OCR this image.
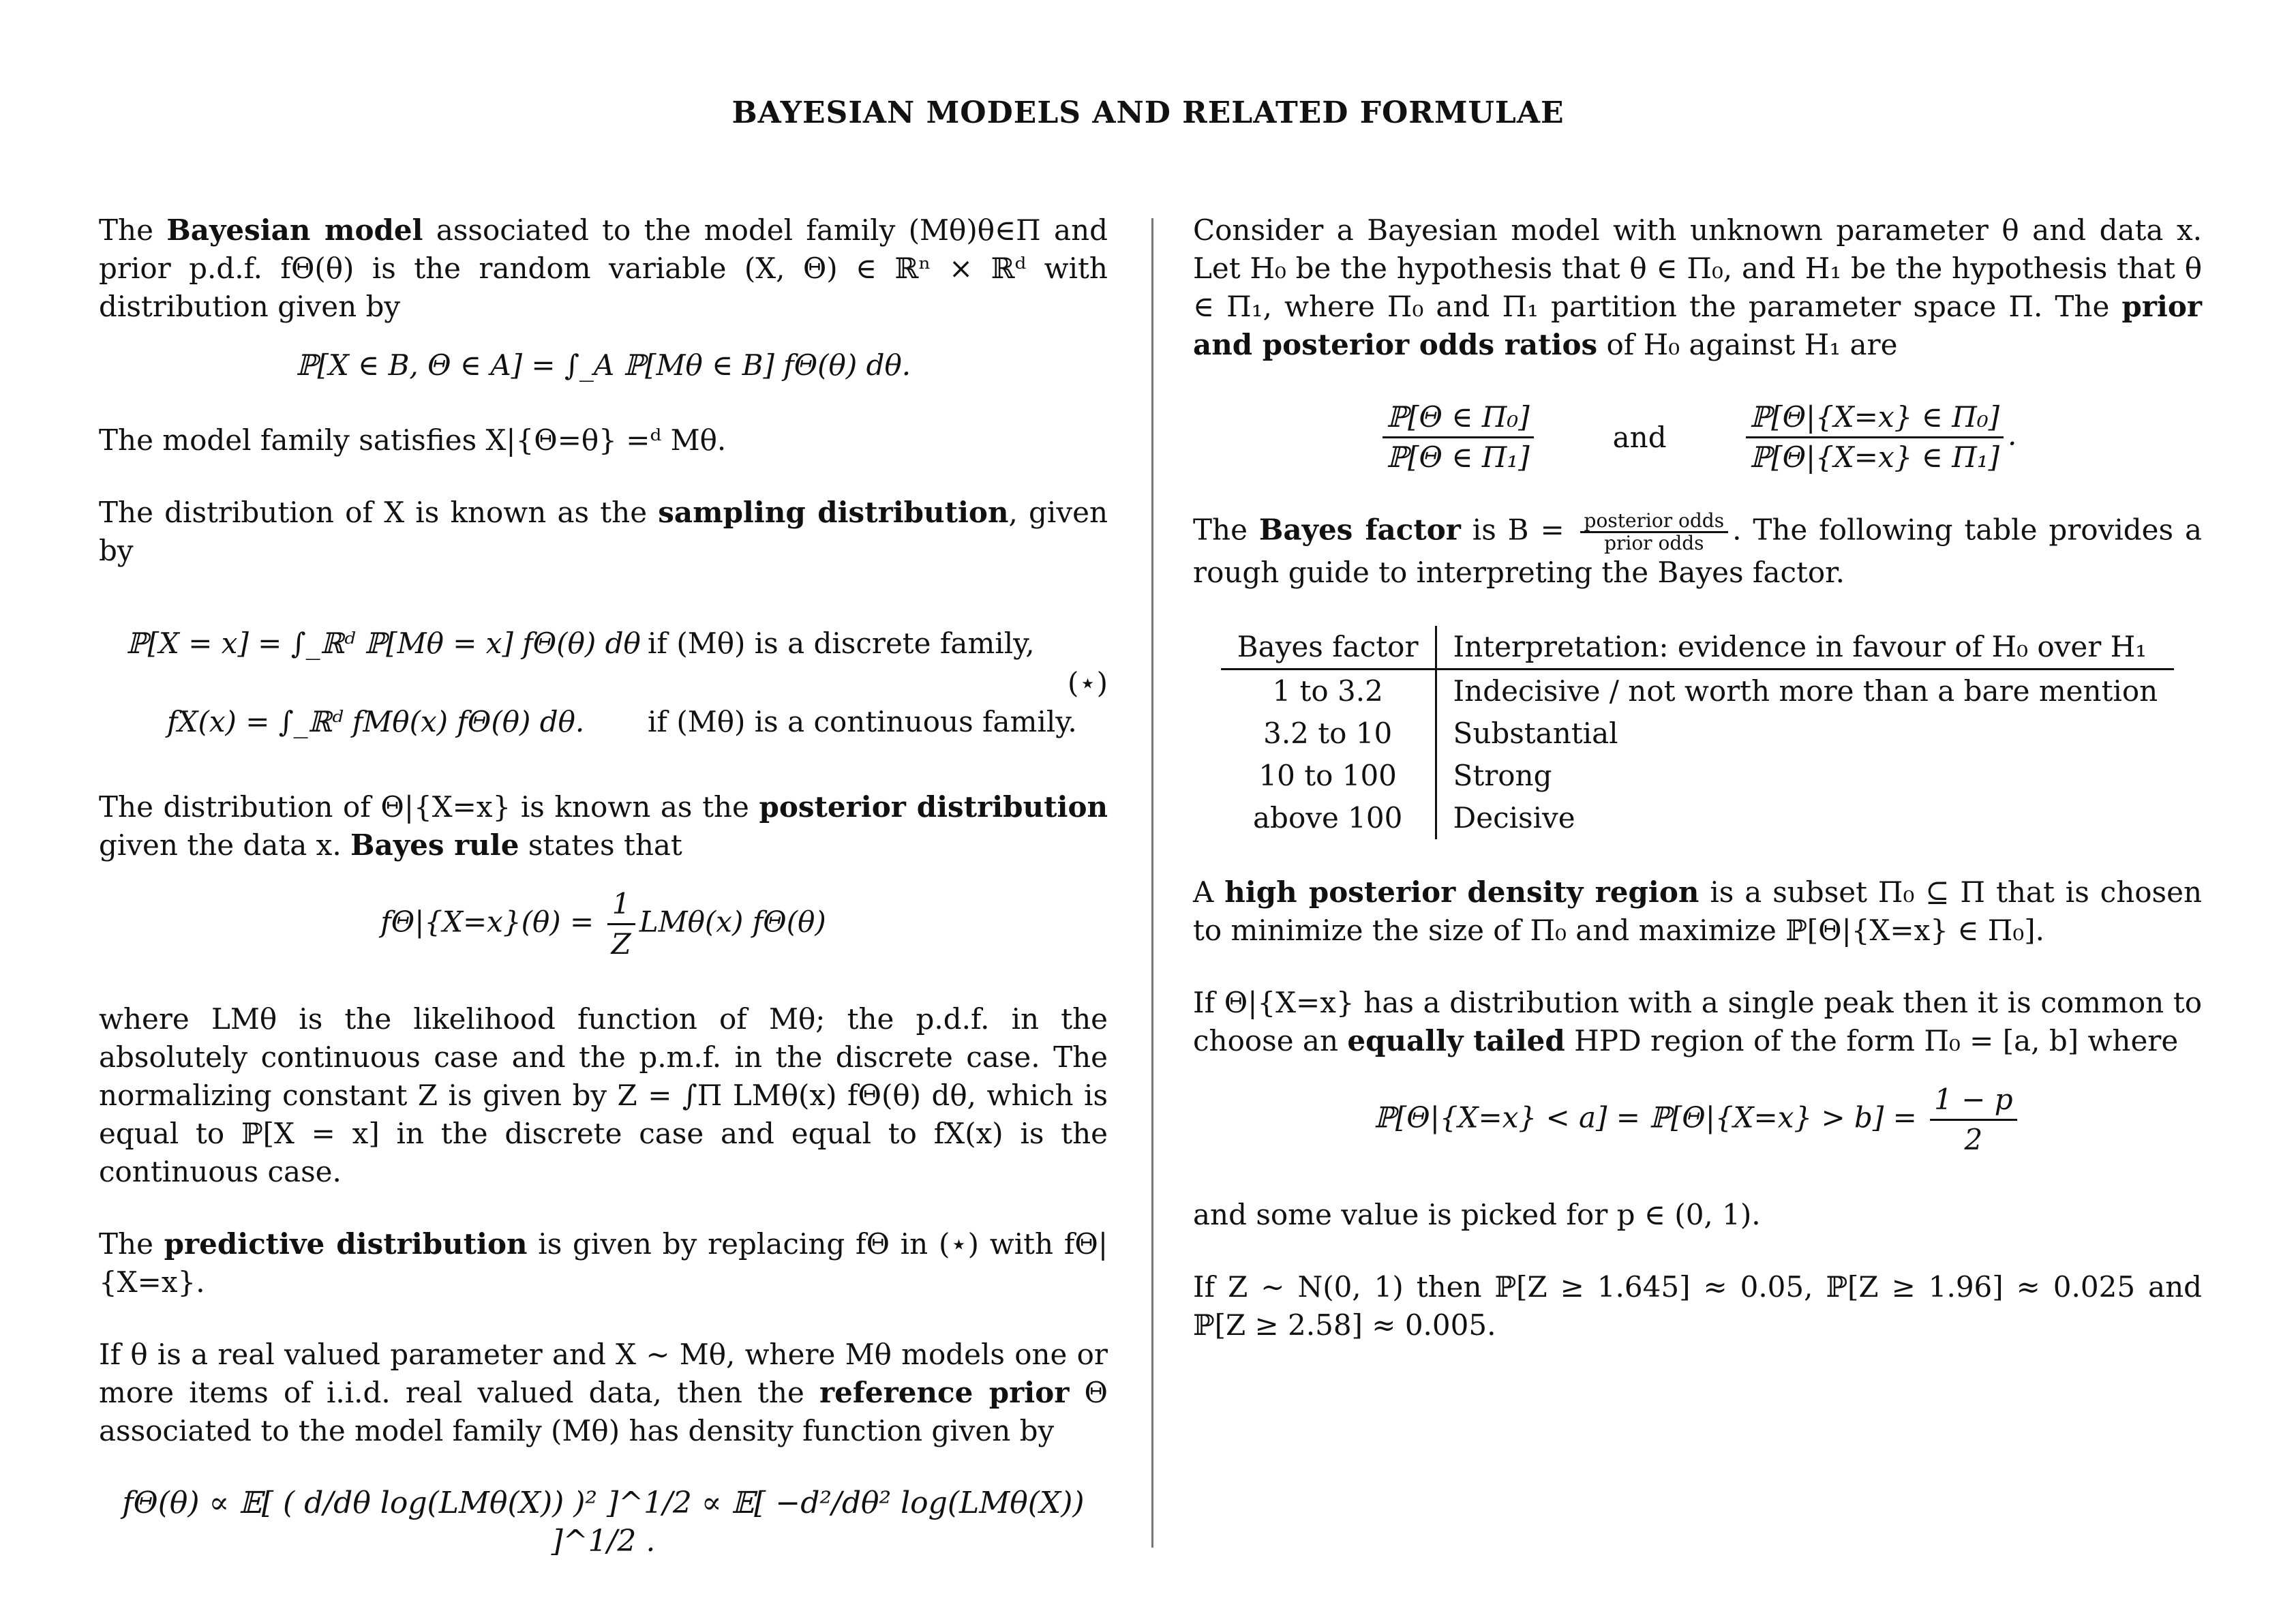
BAYESIAN MODELS AND RELATED FORMULAE

The Bayesian model associated to the model family (Mθ)θ∈Π and prior p.d.f. fΘ(θ) is the random variable (X, Θ) ∈ ℝⁿ × ℝᵈ with distribution given by

ℙ[X ∈ B, Θ ∈ A] = ∫_A ℙ[Mθ ∈ B] fΘ(θ) dθ.

The model family satisfies X|{Θ=θ} =ᵈ Mθ.

The distribution of X is known as the sampling distribution, given by

ℙ[X = x] = ∫_ℝᵈ ℙ[Mθ = x] fΘ(θ) dθ if (Mθ) is a discrete family,
fX(x) = ∫_ℝᵈ fMθ(x) fΘ(θ) dθ. if (Mθ) is a continuous family.
(⋆)

The distribution of Θ|{X=x} is known as the posterior distribution given the data x. Bayes rule states that

$f\Theta|\{X=x\}(\theta) = \frac{1}{Z} LM\theta(x)$ fΘ(θ)

where LMθ is the likelihood function of Mθ; the p.d.f. in the absolutely continuous case and the p.m.f. in the discrete case. The normalizing constant Z is given by Z = ∫Π LMθ(x) fΘ(θ) dθ, which is equal to ℙ[X = x] in the discrete case and equal to fX(x) is the continuous case.

The predictive distribution is given by replacing fΘ in (⋆) with fΘ|{X=x}.

If θ is a real valued parameter and X ∼ Mθ, where Mθ models one or more items of i.i.d. real valued data, then the reference prior Θ associated to the model family (Mθ) has density function given by

fΘ(θ) ∝ 𝔼[ ( d/dθ log(LMθ(X)) )² ]^1/2 ∝ 𝔼[ −d²/dθ² log(LMθ(X)) ]^1/2 .

Consider a Bayesian model with unknown parameter θ and data x. Let H₀ be the hypothesis that θ ∈ Π₀, and H₁ be the hypothesis that θ ∈ Π₁, where Π₀ and Π₁ partition the parameter space Π. The prior and posterior odds ratios of H₀ against H₁ are

$\frac{\text{ℙ[Θ ∈ Π₀]}}{\text{ℙ[Θ ∈ Π₁]}}$	and	$\frac{\text{ℙ[Θ|\{X=x\} ∈ Π₀]}}{\text{ℙ[Θ|\{X=x\} ∈ Π₁]}}$ .

The Bayes factor is $B = \frac{\text{posterior odds}}{\text{prior odds}}$ . The following table provides a rough guide to interpreting the Bayes factor.

Bayes factor	Interpretation: evidence in favour of H₀ over H₁
1 to 3.2	Indecisive / not worth more than a bare mention
3.2 to 10	Substantial
10 to 100	Strong
above 100	Decisive

A high posterior density region is a subset Π₀ ⊆ Π that is chosen to minimize the size of Π₀ and maximize ℙ[Θ|{X=x} ∈ Π₀].

If Θ|{X=x} has a distribution with a single peak then it is common to choose an equally tailed HPD region of the form Π₀ = [a, b] where

ℙ[Θ|{X=x} < a] = ℙ[Θ|{X=x} > $b] = \frac{1 - p}{2}$

and some value is picked for p ∈ (0, 1).

If Z ∼ N(0, 1) then ℙ[Z ≥ 1.645] ≈ 0.05, ℙ[Z ≥ 1.96] ≈ 0.025 and ℙ[Z ≥ 2.58] ≈ 0.005.
